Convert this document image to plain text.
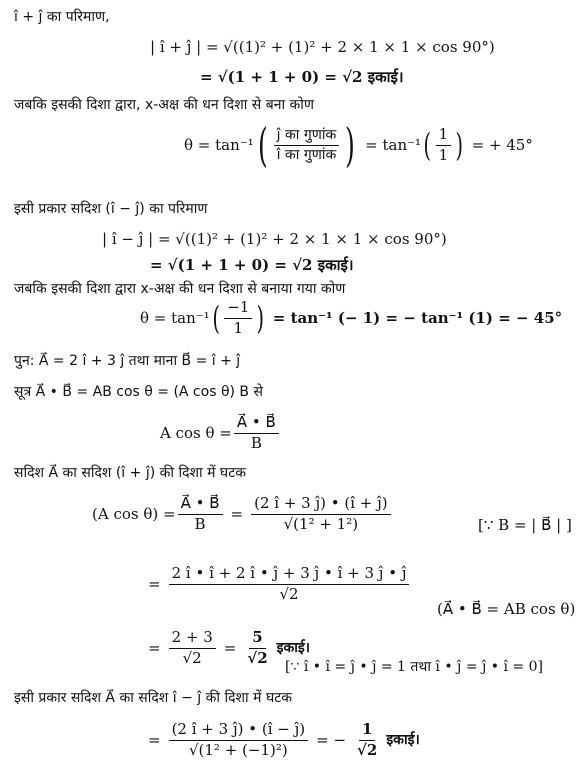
î + ĵ का परिमाण,
| î + ĵ | = √((1)² + (1)² + 2 × 1 × 1 × cos 90°)
= √(1 + 1 + 0) = √2 इकाई।
जबकि इसकी दिशा द्वारा, x-अक्ष की धन दिशा से बना कोण
θ = tan⁻¹ ( $\frac{\text{ĵ का गुणांक}}{\text{î का गुणांक}}$ ) = tan⁻¹ ( $\frac{1}{1}$ ) = + 45°
इसी प्रकार सदिश (î − ĵ) का परिमाण
| î − ĵ | = √((1)² + (1)² + 2 × 1 × 1 × cos 90°)
= √(1 + 1 + 0) = √2 इकाई।
जबकि इसकी दिशा द्वारा x-अक्ष की धन दिशा से बनाया गया कोण
θ = tan⁻¹ ( $\frac{-1}{1}$ ) = tan⁻¹ (− 1) = − tan⁻¹ (1) = − 45°
पुन: A⃗ = 2 î + 3 ĵ तथा माना B⃗ = î + ĵ
सूत्र A⃗ • B⃗ = AB cos θ = (A cos θ) B से
A $\cos \theta = \frac{A⃗ • B⃗}{B}$
सदिश A⃗ का सदिश (î + ĵ) की दिशा में घटक
(A $\cos \theta) = \frac{A⃗ • B⃗}{B} = \frac{(2 î + 3 ĵ) • (î + ĵ)}{\text{√(1² + 1²)}}$	[∵ B = | B⃗ | ]
= $\frac{2 î • î + 2 î • ĵ + 3 ĵ • î + 3 ĵ • ĵ}{√2}$
(A⃗ • B⃗ = AB cos θ)
= $\frac{2 + 3}{√2} = \frac{5}{√2}$ इकाई।
[∵ î • î = ĵ • ĵ = 1 तथा î • ĵ = ĵ • î = 0]
इसी प्रकार सदिश A⃗ का सदिश î − ĵ की दिशा में घटक
= $\frac{(2 î + 3 ĵ) • (î - ĵ)}{\text{√(1² + (−1)²)}}$ = − $\frac{1}{√2}$ इकाई।
